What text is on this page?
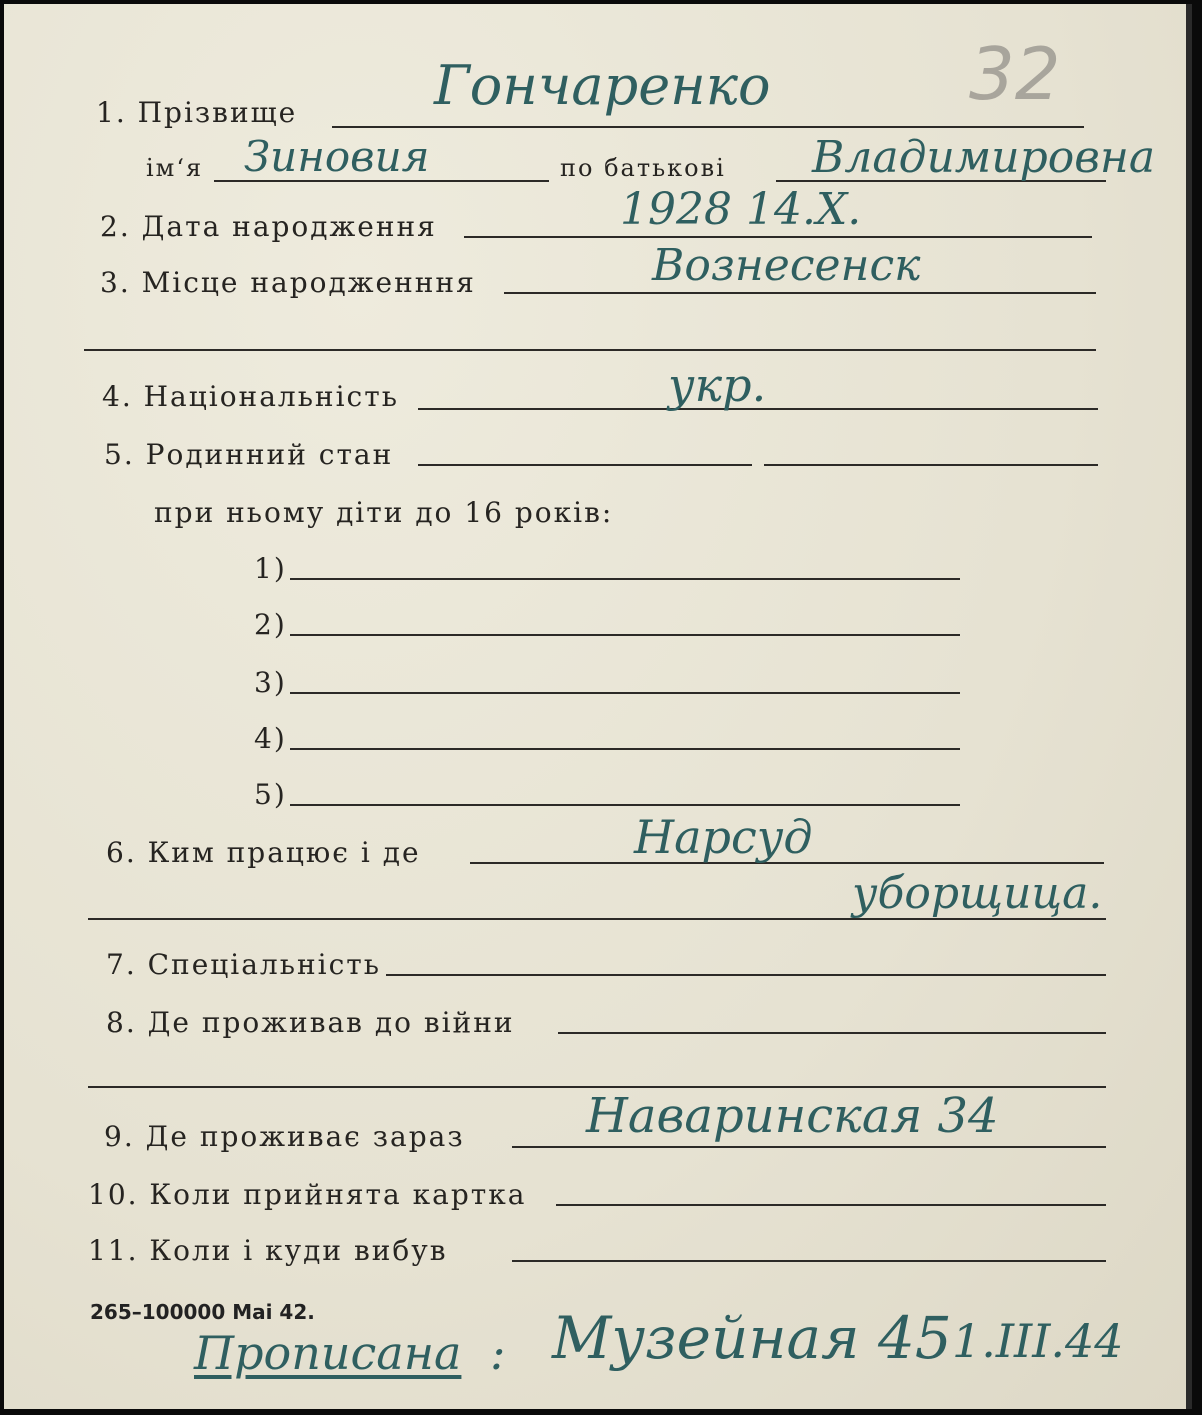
32
1. Прізвище	Гончаренко
ім‘я Зиновия	по батькові Владимировна
2. Дата народження	1928 14.X.
3. Місце народженння	Вознесенск
4. Національність	укр.
5. Родинний стан
при ньому діти до 16 років:
1)
2)
3)
4)
5)
6. Ким працює і де	Нарсуд
уборщица.
7. Спеціальність
8. Де проживав до війни
9. Де проживає зараз	Наваринская 34
10. Коли прийнята картка
11. Коли і куди вибув
265–100000 Mai 42.
Прописана : Музейная 45 1.III.44
